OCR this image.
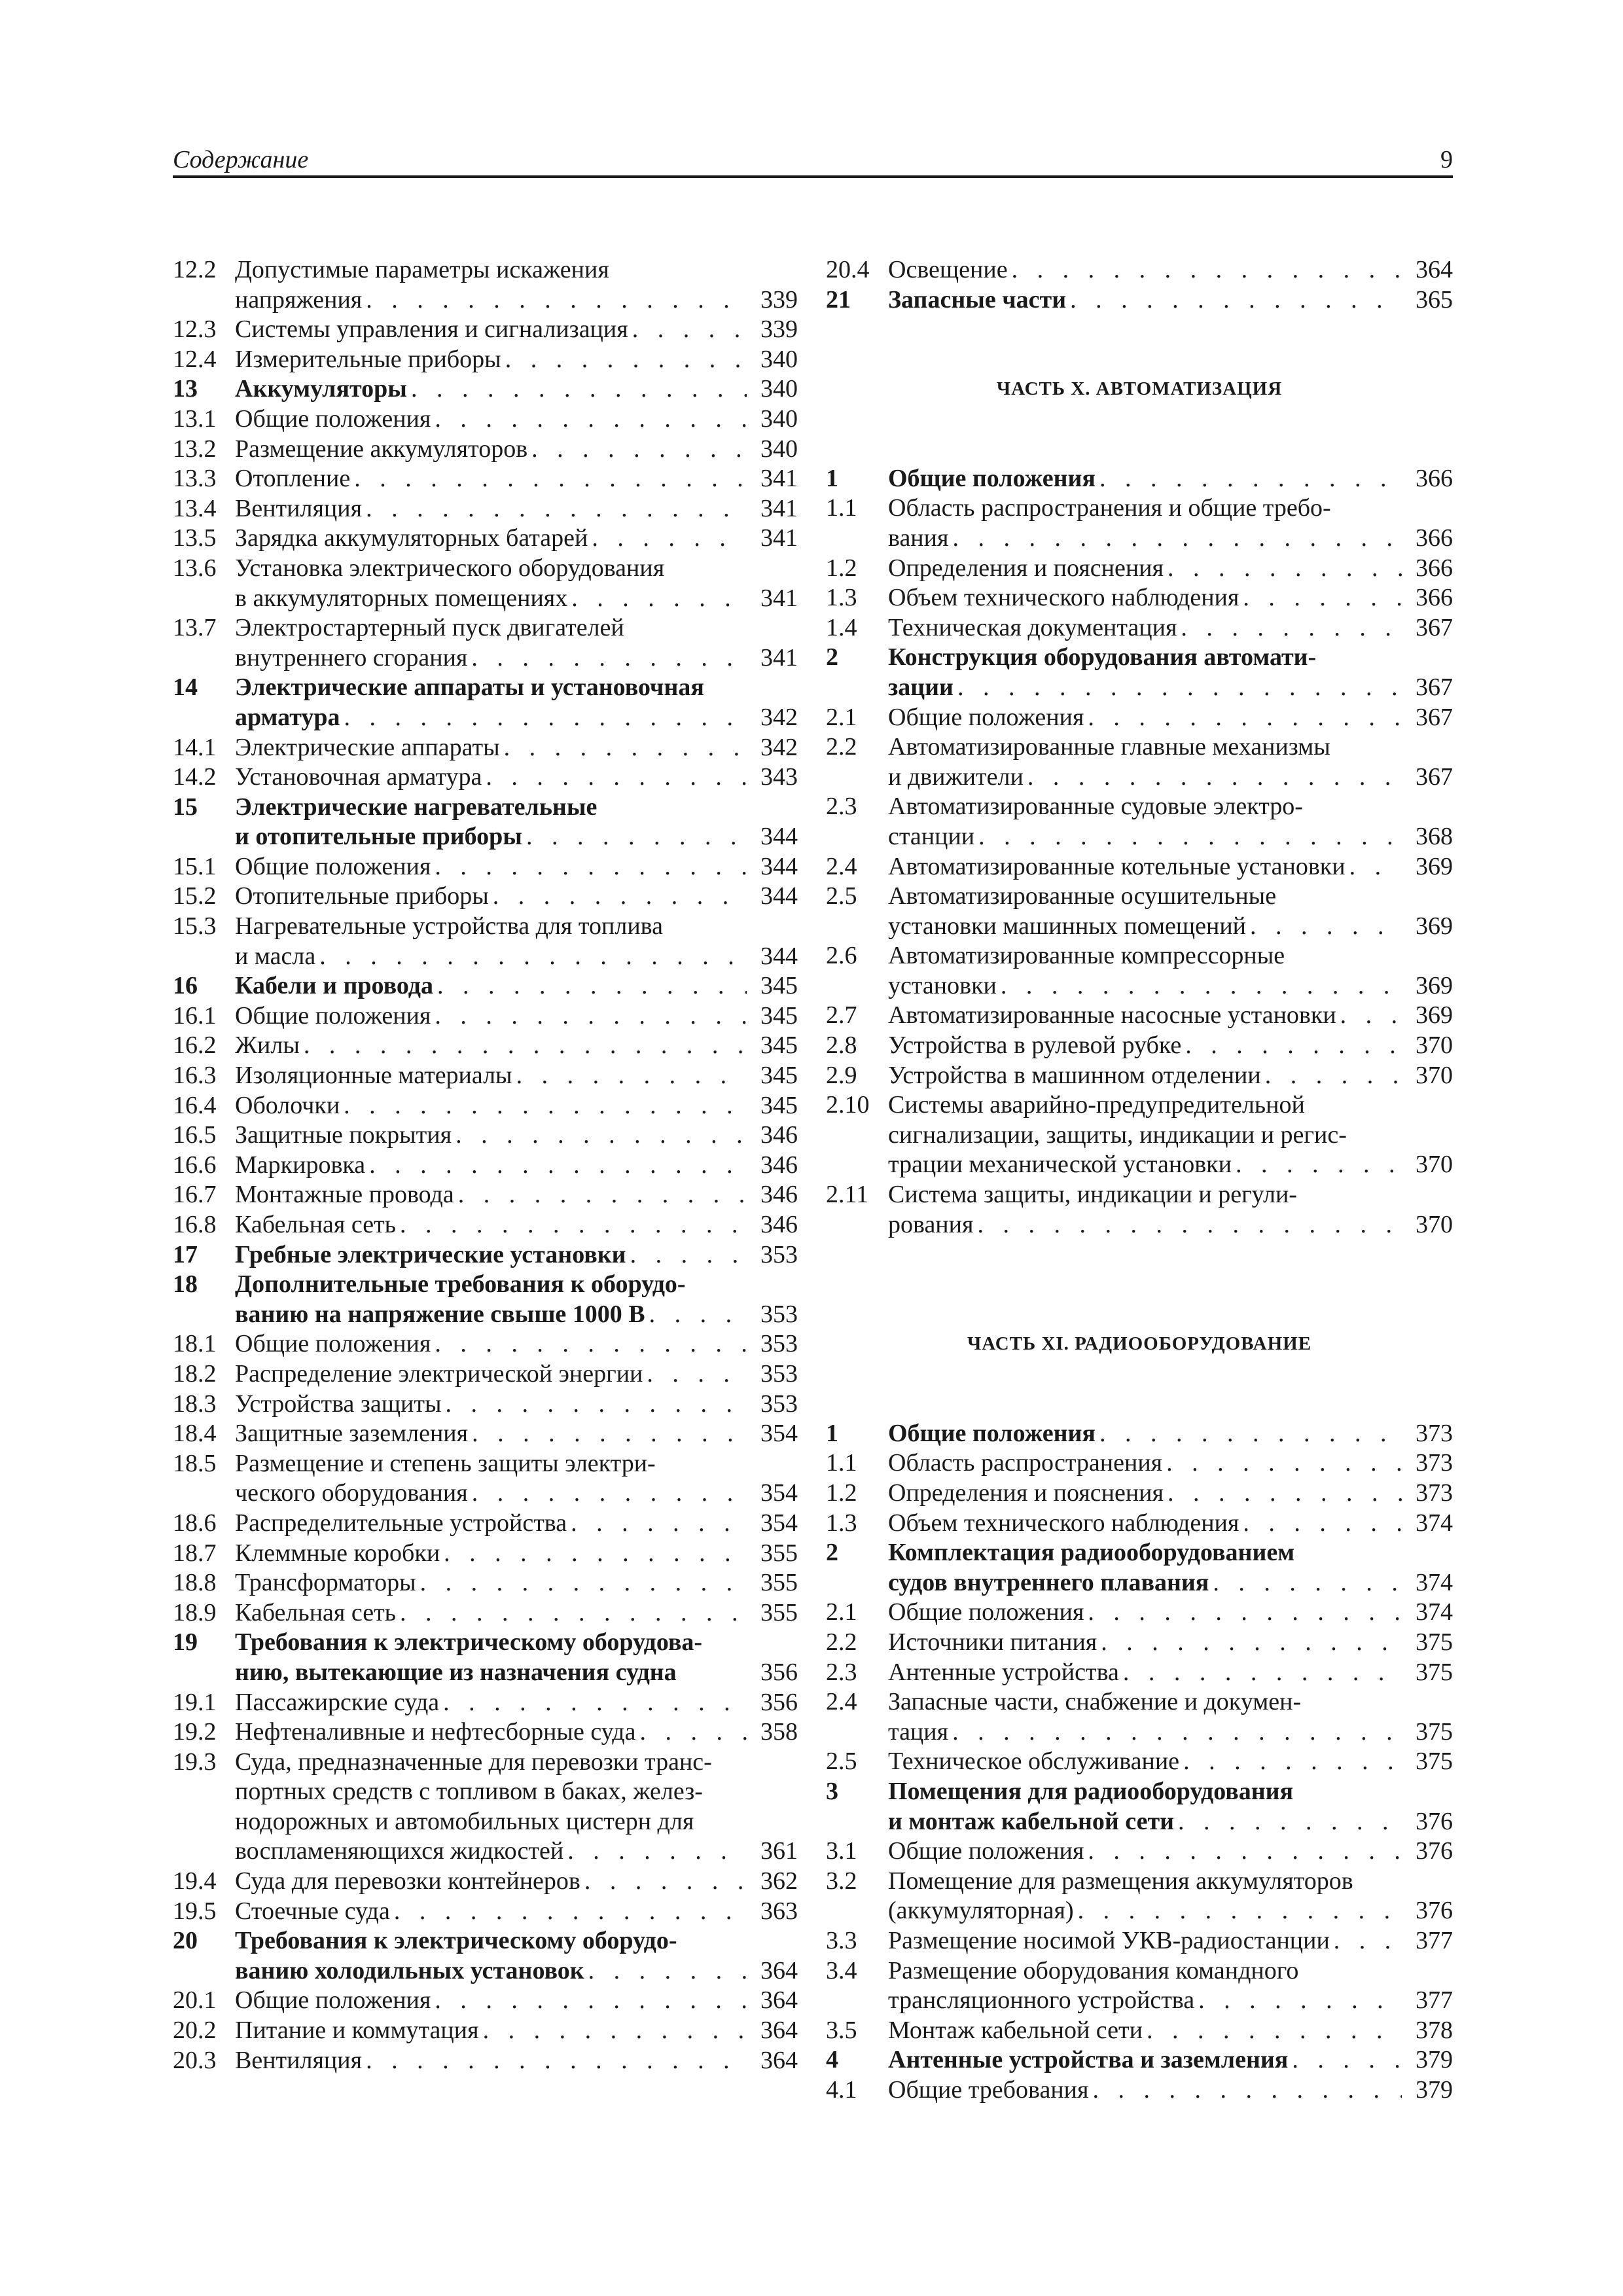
Содержание	9
12.2 Допустимые параметры искажения
напряжения . . .	339
12.3 Системы управления и сигнализация . . .	339
12.4 Измерительные приборы . . .	340
13	Аккумуляторы . . .	340
13.1 Общие положения . . .	340
13.2 Размещение аккумуляторов . . .	340
13.3 Отопление . . .	341
13.4 Вентиляция . . .	341
13.5 Зарядка аккумуляторных батарей . . .	341
13.6 Установка электрического оборудования
в аккумуляторных помещениях . . .	341
13.7 Электростартерный пуск двигателей
внутреннего сгорания . . .	341
14	Электрические аппараты и установочная
арматура . . .	342
14.1 Электрические аппараты . . .	342
14.2 Установочная арматура . . .	343
15	Электрические нагревательные
и отопительные приборы . . .	344
15.1 Общие положения . . .	344
15.2 Отопительные приборы . . .	344
15.3 Нагревательные устройства для топлива
и масла . . .	344
16	Кабели и провода . . .	345
16.1 Общие положения . . .	345
16.2 Жилы . . .	345
16.3 Изоляционные материалы . . .	345
16.4 Оболочки . . .	345
16.5 Защитные покрытия . . .	346
16.6 Маркировка . . .	346
16.7 Монтажные провода . . .	346
16.8 Кабельная сеть . . .	346
17	Гребные электрические установки . . .	353
18	Дополнительные требования к оборудо-
ванию на напряжение свыше 1000 В . . .	353
18.1 Общие положения . . .	353
18.2 Распределение электрической энергии . . .	353
18.3 Устройства защиты . . .	353
18.4 Защитные заземления . . .	354
18.5 Размещение и степень защиты электри-
ческого оборудования . . .	354
18.6 Распределительные устройства . . .	354
18.7 Клеммные коробки . . .	355
18.8 Трансформаторы . . .	355
18.9 Кабельная сеть . . .	355
19	Требования к электрическому оборудова-
нию, вытекающие из назначения судна	356
19.1 Пассажирские суда . . .	356
19.2 Нефтеналивные и нефтесборные суда . . .	358
19.3 Суда, предназначенные для перевозки транс-
портных средств с топливом в баках, желез-
нодорожных и автомобильных цистерн для
воспламеняющихся жидкостей . . .	361
19.4 Суда для перевозки контейнеров . . .	362
19.5 Стоечные суда . . .	363
20	Требования к электрическому оборудо-
ванию холодильных установок . . .	364
20.1 Общие положения . . .	364
20.2 Питание и коммутация . . .	364
20.3 Вентиляция . . .	364
20.4 Освещение . . .	364
21	Запасные части . . .	365
ЧАСТЬ X. АВТОМАТИЗАЦИЯ
1	Общие положения . . .	366
1.1	Область распространения и общие требо-
вания . . .	366
1.2	Определения и пояснения . . .	366
1.3	Объем технического наблюдения . . .	366
1.4	Техническая документация . . .	367
2	Конструкция оборудования автомати-
зации . . .	367
2.1	Общие положения . . .	367
2.2	Автоматизированные главные механизмы
и движители . . .	367
2.3	Автоматизированные судовые электро-
станции . . .	368
2.4	Автоматизированные котельные установки . . .	369
2.5	Автоматизированные осушительные
установки машинных помещений . . .	369
2.6	Автоматизированные компрессорные
установки . . .	369
2.7	Автоматизированные насосные установки . . .	369
2.8	Устройства в рулевой рубке . . .	370
2.9	Устройства в машинном отделении . . .	370
2.10 Системы аварийно-предупредительной
сигнализации, защиты, индикации и регис-
трации механической установки . . .	370
2.11 Система защиты, индикации и регули-
рования . . .	370
ЧАСТЬ XI. РАДИООБОРУДОВАНИЕ
1	Общие положения . . .	373
1.1	Область распространения . . .	373
1.2	Определения и пояснения . . .	373
1.3	Объем технического наблюдения . . .	374
2	Комплектация радиооборудованием
судов внутреннего плавания . . .	374
2.1	Общие положения . . .	374
2.2	Источники питания . . .	375
2.3	Антенные устройства . . .	375
2.4	Запасные части, снабжение и докумен-
тация . . .	375
2.5	Техническое обслуживание . . .	375
3	Помещения для радиооборудования
и монтаж кабельной сети . . .	376
3.1	Общие положения . . .	376
3.2	Помещение для размещения аккумуляторов
(аккумуляторная) . . .	376
3.3	Размещение носимой УКВ-радиостанции . . .	377
3.4	Размещение оборудования командного
трансляционного устройства . . .	377
3.5	Монтаж кабельной сети . . .	378
4	Антенные устройства и заземления . . .	379
4.1	Общие требования . . .	379
